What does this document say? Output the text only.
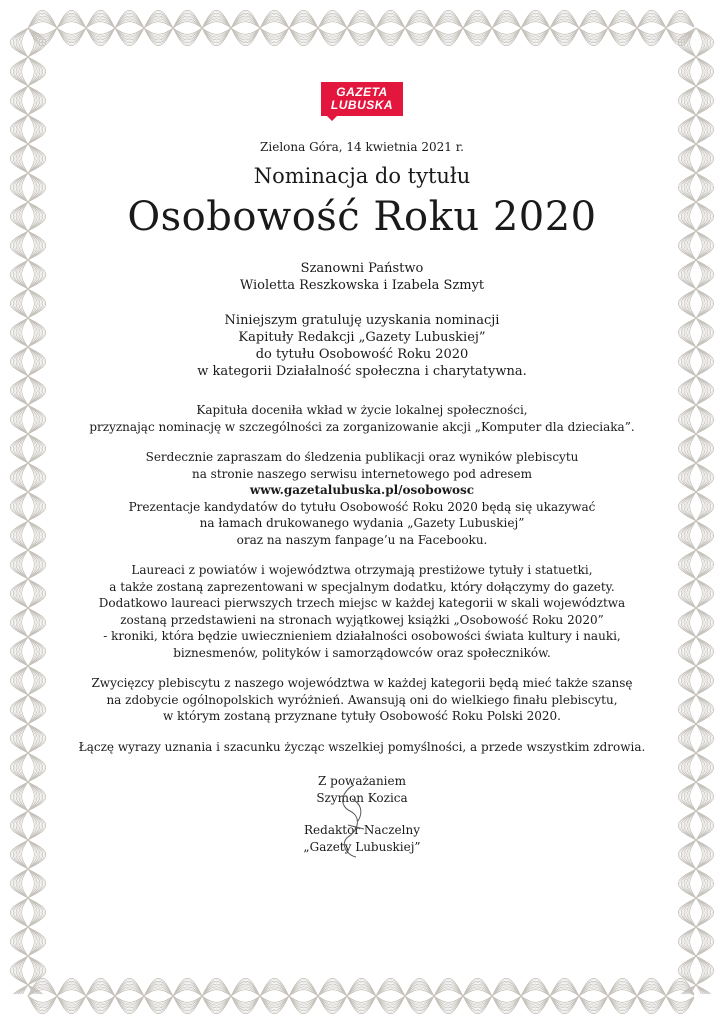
GAZETA
LUBUSKA
Zielona Góra, 14 kwietnia 2021 r.
Nominacja do tytułu
Osobowość Roku 2020
Szanowni Państwo
Wioletta Reszkowska i Izabela Szmyt
Niniejszym gratuluję uzyskania nominacji
Kapituły Redakcji „Gazety Lubuskiej”
do tytułu Osobowość Roku 2020
w kategorii Działalność społeczna i charytatywna.
Kapituła doceniła wkład w życie lokalnej społeczności,
przyznając nominację w szczególności za zorganizowanie akcji „Komputer dla dzieciaka”.
Serdecznie zapraszam do śledzenia publikacji oraz wyników plebiscytu
na stronie naszego serwisu internetowego pod adresem
www.gazetalubuska.pl/osobowosc
Prezentacje kandydatów do tytułu Osobowość Roku 2020 będą się ukazywać
na łamach drukowanego wydania „Gazety Lubuskiej”
oraz na naszym fanpage’u na Facebooku.
Laureaci z powiatów i województwa otrzymają prestiżowe tytuły i statuetki,
a także zostaną zaprezentowani w specjalnym dodatku, który dołączymy do gazety.
Dodatkowo laureaci pierwszych trzech miejsc w każdej kategorii w skali województwa
zostaną przedstawieni na stronach wyjątkowej książki „Osobowość Roku 2020”
- kroniki, która będzie uwiecznieniem działalności osobowości świata kultury i nauki,
biznesmenów, polityków i samorządowców oraz społeczników.
Zwycięzcy plebiscytu z naszego województwa w każdej kategorii będą mieć także szansę
na zdobycie ogólnopolskich wyróżnień. Awansują oni do wielkiego finału plebiscytu,
w którym zostaną przyznane tytuły Osobowość Roku Polski 2020.
Łączę wyrazy uznania i szacunku życząc wszelkiej pomyślności, a przede wszystkim zdrowia.
Z poważaniem
Szymon Kozica
Redaktor Naczelny
„Gazety Lubuskiej”
